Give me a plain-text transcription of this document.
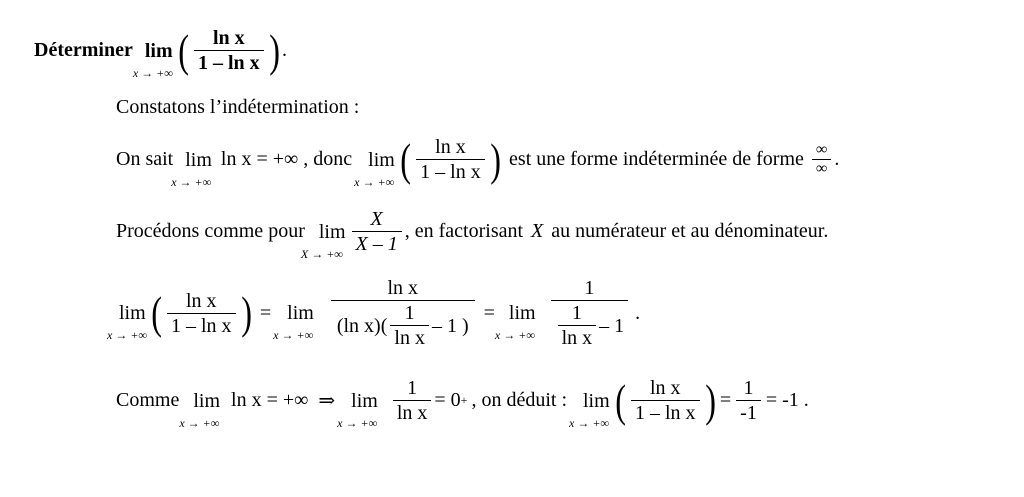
Déterminer lim
x → +∞ ( $\frac{\text{ln x}}{\text{1 – ln x}}$ ) .
Constatons l’indétermination :
On sait lim
x → +∞
ln x = +∞ , donc lim
x → +∞ ( $\frac{\text{ln x}}{\text{1 – ln x}}$ ) est une forme indéterminée de forme $\frac{\infty}{\infty}$ .
Procédons comme pour lim
X → +∞ $\frac{X}{X - 1}$ , en factorisant X au numérateur et au dénominateur.
lim
x → +∞ ( $\frac{\text{ln x}}{\text{1 – ln x}}$ ) = lim
x → +∞ $\frac{\text{ln x}}{(\ln x)( \frac{1}{\text{ln x}} - 1 )} = \lim$
x → +∞ $\frac{1}{\frac{1}{\text{ln x}} - 1}$ .
Comme lim
x → +∞
ln x = +∞ ⇒ lim
x → +∞ $\frac{1}{\text{ln x}} = 0$ + , on déduit : lim
x → +∞ ( $\frac{\text{ln x}}{\text{1 – ln x}}$ ) = $\frac{1}{-1} = -1$ .
